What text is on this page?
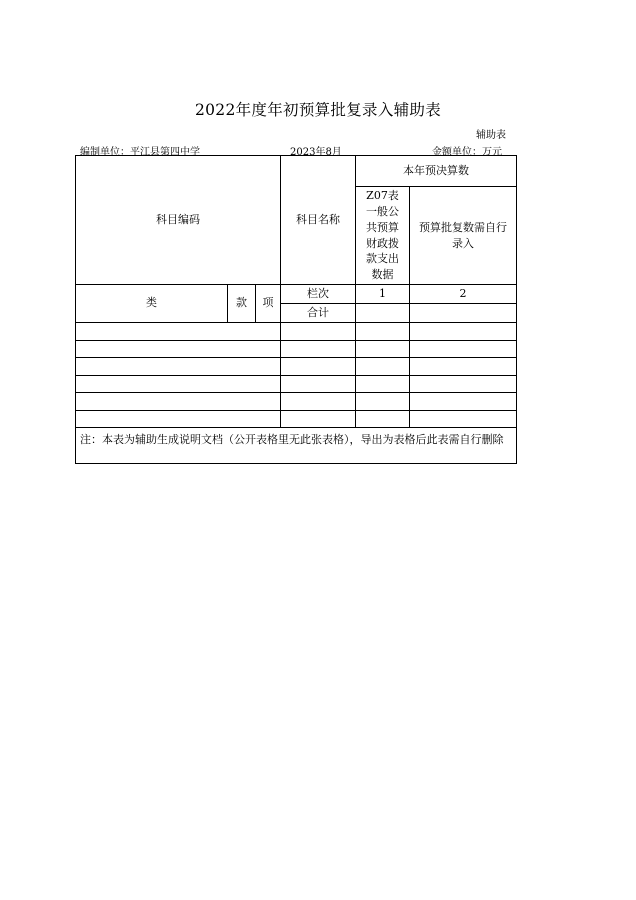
2022年度年初预算批复录入辅助表
辅助表
编制单位：平江县第四中学	2023年8月	金额单位：万元
科目编码			科目名称	本年预决算数	
				Z07表一般公共预算财政拨款支出数据	预算批复数需自行录入
类	款	项	栏次	1	2
			合计		

注：本表为辅助生成说明文档（公开表格里无此张表格），导出为表格后此表需自行删除					
